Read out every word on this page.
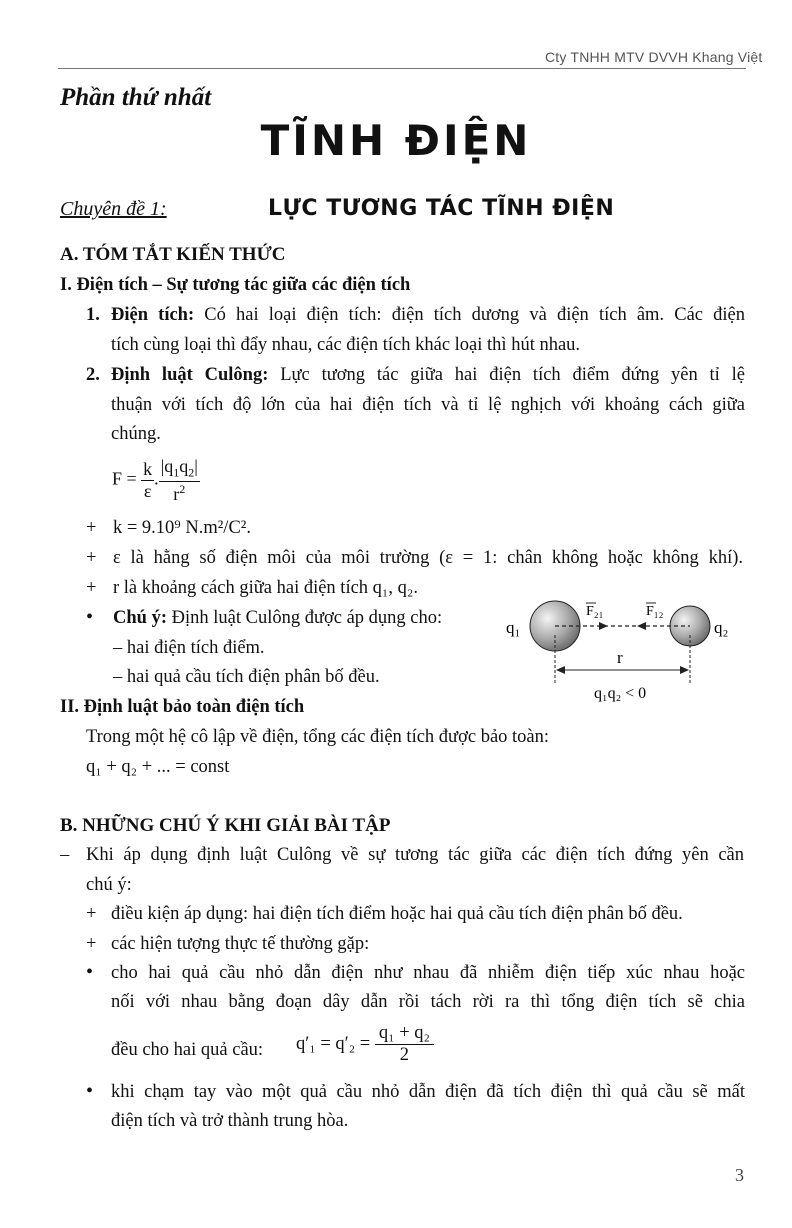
Cty TNHH MTV DVVH Khang Việt
Phần thứ nhất
TĨNH ĐIỆN
Chuyên đề 1:	LỰC TƯƠNG TÁC TĨNH ĐIỆN
A. TÓM TẮT KIẾN THỨC
I. Điện tích – Sự tương tác giữa các điện tích
1. Điện tích: Có hai loại điện tích: điện tích dương và điện tích âm. Các điện
tích cùng loại thì đẩy nhau, các điện tích khác loại thì hút nhau.
2. Định luật Culông: Lực tương tác giữa hai điện tích điểm đứng yên tỉ lệ
thuận với tích độ lớn của hai điện tích và tỉ lệ nghịch với khoảng cách giữa
chúng.
$F = \frac{k}{\varepsilon}$ . $\frac{|q_1q_2|}{r^2}$
+ k = 9.10⁹ N.m²/C².
+ ε là hằng số điện môi của môi trường (ε = 1: chân không hoặc không khí).
+ r là khoảng cách giữa hai điện tích q₁, q₂.
• Chú ý: Định luật Culông được áp dụng cho:
– hai điện tích điểm.
– hai quả cầu tích điện phân bố đều.
q₁	q₂
F₂₁	F₁₂
r
q₁q₂ < 0
II. Định luật bảo toàn điện tích
Trong một hệ cô lập về điện, tổng các điện tích được bảo toàn:
q₁ + q₂ + ... = const
B. NHỮNG CHÚ Ý KHI GIẢI BÀI TẬP
– Khi áp dụng định luật Culông về sự tương tác giữa các điện tích đứng yên cần
chú ý:
+ điều kiện áp dụng: hai điện tích điểm hoặc hai quả cầu tích điện phân bố đều.
+ các hiện tượng thực tế thường gặp:
• cho hai quả cầu nhỏ dẫn điện như nhau đã nhiễm điện tiếp xúc nhau hoặc
nối với nhau bằng đoạn dây dẫn rồi tách rời ra thì tổng điện tích sẽ chia
đều cho hai quả cầu: $q'_1 = q'_2 = \frac{\text{q₁ + q₂}}{2}$
• khi chạm tay vào một quả cầu nhỏ dẫn điện đã tích điện thì quả cầu sẽ mất
điện tích và trở thành trung hòa.
3
